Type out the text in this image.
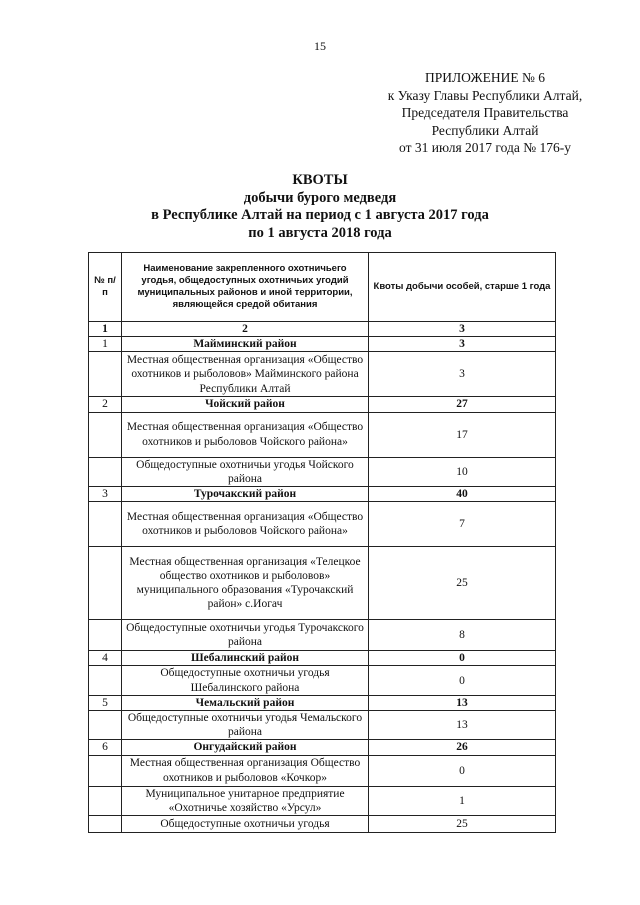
15
ПРИЛОЖЕНИЕ № 6
к Указу Главы Республики Алтай,
Председателя Правительства
Республики Алтай
от 31 июля 2017 года № 176-у
КВОТЫ
добычи бурого медведя
в Республике Алтай на период с 1 августа 2017 года
по 1 августа 2018 года
№ п/п	Наименование закрепленного охотничьего угодья, общедоступных охотничьих угодий муниципальных районов и иной территории, являющейся средой обитания	Квоты добычи особей, старше 1 года
1	2	3
1	Майминский район	3
	Местная общественная организация «Общество охотников и рыболовов» Майминского района Республики Алтай	3
2	Чойский район	27
	Местная общественная организация «Общество охотников и рыболовов Чойского района»	17
	Общедоступные охотничьи угодья Чойского района	10
3	Турочакский район	40
	Местная общественная организация «Общество охотников и рыболовов Чойского района»	7
	Местная общественная организация «Телецкое общество охотников и рыболовов» муниципального образования «Турочакский район» с.Иогач	25
	Общедоступные охотничьи угодья Турочакского района	8
4	Шебалинский район	0
	Общедоступные охотничьи угодья Шебалинского района	0
5	Чемальский район	13
	Общедоступные охотничьи угодья Чемальского района	13
6	Онгудайский район	26
	Местная общественная организация Общество охотников и рыболовов «Кочкор»	0
	Муниципальное унитарное предприятие «Охотничье хозяйство «Урсул»	1
	Общедоступные охотничьи угодья	25
